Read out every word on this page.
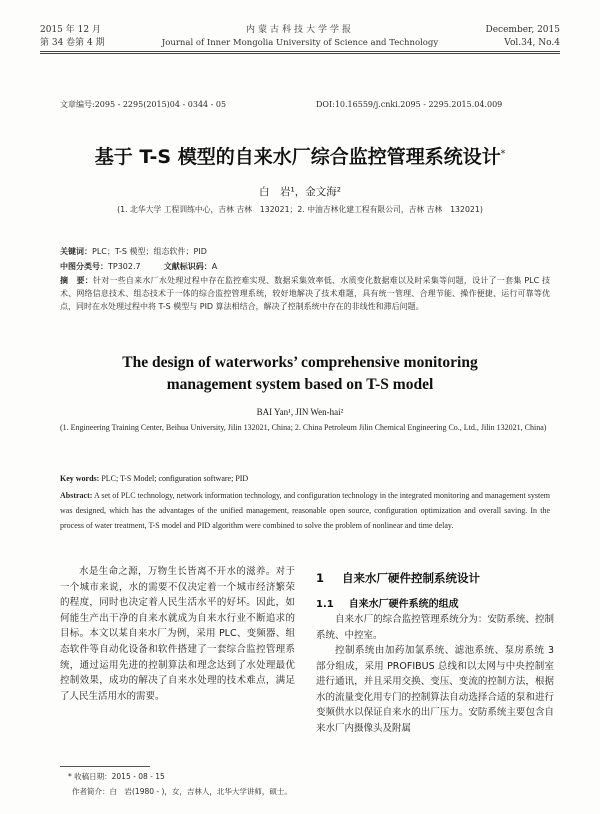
2015 年 12 月
第 34 卷第 4 期
内蒙古科技大学学报
Journal of Inner Mongolia University of Science and Technology
December, 2015
Vol.34, No.4
文章编号:2095 - 2295(2015)04 - 0344 - 05	DOI:10.16559/j.cnki.2095 - 2295.2015.04.009
基于 T-S 模型的自来水厂综合监控管理系统设计*
白　岩¹，金文海²
(1. 北华大学 工程训练中心，吉林 吉林　132021；2. 中油吉林化建工程有限公司，吉林 吉林　132021)
关键词：PLC；T-S 模型；组态软件；PID
中图分类号：TP302.7	文献标识码：A
摘　要：针对一些自来水厂水处理过程中存在监控难实现、数据采集效率低、水质变化数据难以及时采集等问题，设计了一套集 PLC 技术、网络信息技术、组态技术于一体的综合监控管理系统，较好地解决了技术难题，具有统一管理、合理节能、操作便捷、运行可靠等优点，同时在水处理过程中将 T-S 模型与 PID 算法相结合，解决了控制系统中存在的非线性和滞后问题。
The design of waterworks’ comprehensive monitoring
management system based on T-S model
BAI Yan¹, JIN Wen-hai²
(1. Engineering Training Center, Beihua University, Jilin 132021, China; 2. China Petroleum Jilin Chemical Engineering Co., Ltd., Jilin 132021, China)
Key words: PLC; T-S Model; configuration software; PID
Abstract: A set of PLC technology, network information technology, and configuration technology in the integrated monitoring and management system was designed, which has the advantages of the unified management, reasonable open source, configuration optimization and overall saving. In the process of water treatment, T-S model and PID algorithm were combined to solve the problem of nonlinear and time delay.
水是生命之源，万物生长皆离不开水的滋养。对于一个城市来说，水的需要不仅决定着一个城市经济繁荣的程度，同时也决定着人民生活水平的好坏。因此，如何能生产出干净的自来水就成为自来水行业不断追求的目标。本文以某自来水厂为例，采用 PLC、变频器、组态软件等自动化设备和软件搭建了一套综合监控管理系统，通过运用先进的控制算法和理念达到了水处理最优控制效果，成功的解决了自来水处理的技术难点，满足了人民生活用水的需要。
1 自来水厂硬件控制系统设计
1.1 自来水厂硬件系统的组成
自来水厂的综合监控管理系统分为：安防系统、控制系统、中控室。
控制系统由加药加氯系统、滤池系统、泵房系统 3 部分组成，采用 PROFIBUS 总线和以太网与中央控制室进行通讯，并且采用交换、变压、变流的控制方法，根据水的流量变化用专门的控制算法自动选择合适的泵和进行变频供水以保证自来水的出厂压力。安防系统主要包含自来水厂内摄像头及附属
* 收稿日期：2015 - 08 - 15
作者简介：白　岩(1980 - )，女，吉林人，北华大学讲师，硕士。
